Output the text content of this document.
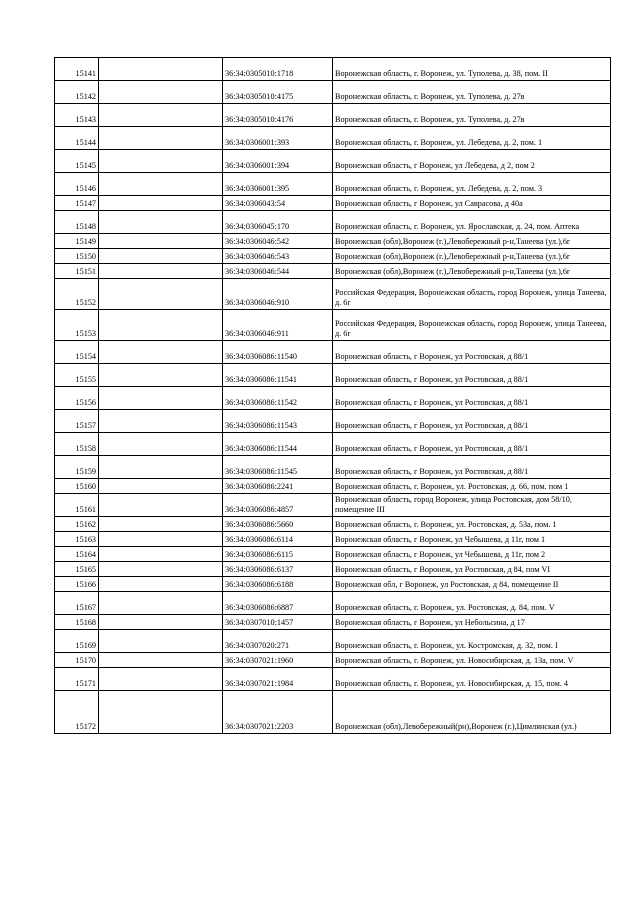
15141		36:34:0305010:1718	Воронежская область, г. Воронеж, ул. Туполева, д. 38, пом. II
15142		36:34:0305010:4175	Воронежская область, г. Воронеж, ул. Туполева, д. 27в
15143		36:34:0305010:4176	Воронежская область, г. Воронеж, ул. Туполева, д. 27в
15144		36:34:0306001:393	Воронежская область, г. Воронеж, ул. Лебедева, д. 2, пом. 1
15145		36:34:0306001:394	Воронежская область, г Воронеж, ул Лебедева, д 2, пом 2
15146		36:34:0306001:395	Воронежская область, г. Воронеж, ул. Лебедева, д. 2, пом. 3
15147		36:34:0306043:54	Воронежская область, г Воронеж, ул Саврасова, д 40а
15148		36:34:0306045:170	Воронежская область, г. Воронеж, ул. Ярославская, д. 24, пом. Аптека
15149		36:34:0306046:542	Воронежская (обл),Воронеж (г.),Левобережный р-н,Танеева (ул.),6г
15150		36:34:0306046:543	Воронежская (обл),Воронеж (г.),Левобережный р-н,Танеева (ул.),6г
15151		36:34:0306046:544	Воронежская (обл),Воронеж (г.),Левобережный р-н,Танеева (ул.),6г
15152		36:34:0306046:910	Российская Федерация, Воронежская область, город Воронеж, улица Танеева, д. 6г
15153		36:34:0306046:911	Российская Федерация, Воронежская область, город Воронеж, улица Танеева, д. 6г
15154		36:34:0306086:11540	Воронежская область, г Воронеж, ул Ростовская, д 88/1
15155		36:34:0306086:11541	Воронежская область, г Воронеж, ул Ростовская, д 88/1
15156		36:34:0306086:11542	Воронежская область, г Воронеж, ул Ростовская, д 88/1
15157		36:34:0306086:11543	Воронежская область, г Воронеж, ул Ростовская, д 88/1
15158		36:34:0306086:11544	Воронежская область, г Воронеж, ул Ростовская, д 88/1
15159		36:34:0306086:11545	Воронежская область, г Воронеж, ул Ростовская, д 88/1
15160		36:34:0306086:2241	Воронежская область, г. Воронеж, ул. Ростовская, д. 66, пом. пом 1
15161		36:34:0306086:4857	Воронежская область, город Воронеж, улица Ростовская, дом 58/10, помещение III
15162		36:34:0306086:5660	Воронежская область, г. Воронеж, ул. Ростовская, д. 53а, пом. 1
15163		36:34:0306086:6114	Воронежская область, г Воронеж, ул Чебышева, д 11г, пом 1
15164		36:34:0306086:6115	Воронежская область, г Воронеж, ул Чебышева, д 11г, пом 2
15165		36:34:0306086:6137	Воронежская область, г Воронеж, ул Ростовская, д 84, пом VI
15166		36:34:0306086:6188	Воронежская обл, г Воронеж, ул Ростовская, д 84, помещение II
15167		36:34:0306086:6887	Воронежская область, г. Воронеж, ул. Ростовская, д. 84, пом. V
15168		36:34:0307010:1457	Воронежская область, г Воронеж, ул Небольсина, д 17
15169		36:34:0307020:271	Воронежская область, г. Воронеж, ул. Костромская, д. 32, пом. I
15170		36:34:0307021:1960	Воронежская область, г. Воронеж, ул. Новосибирская, д. 13а, пом. V
15171		36:34:0307021:1984	Воронежская область, г. Воронеж, ул. Новосибирская, д. 15, пом. 4
15172		36:34:0307021:2203	Воронежская (обл),Левобережный(рн),Воронеж (г.),Цимлянская (ул.)
